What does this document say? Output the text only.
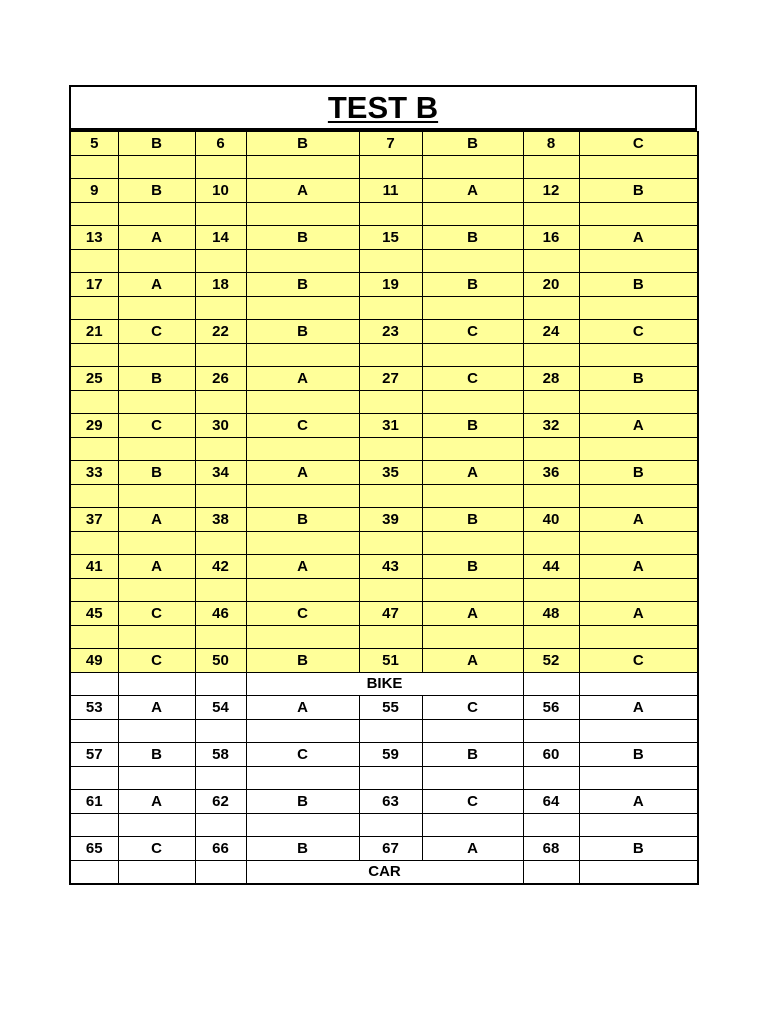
TEST B
5	B	6	B	7	B	8	C

9	B	10	A	11	A	12	B

13	A	14	B	15	B	16	A

17	A	18	B	19	B	20	B

21	C	22	B	23	C	24	C

25	B	26	A	27	C	28	B

29	C	30	C	31	B	32	A

33	B	34	A	35	A	36	B

37	A	38	B	39	B	40	A

41	A	42	A	43	B	44	A

45	C	46	C	47	A	48	A

49	C	50	B	51	A	52	C
			BIKE				
53	A	54	A	55	C	56	A

57	B	58	C	59	B	60	B

61	A	62	B	63	C	64	A

65	C	66	B	67	A	68	B
			CAR				
